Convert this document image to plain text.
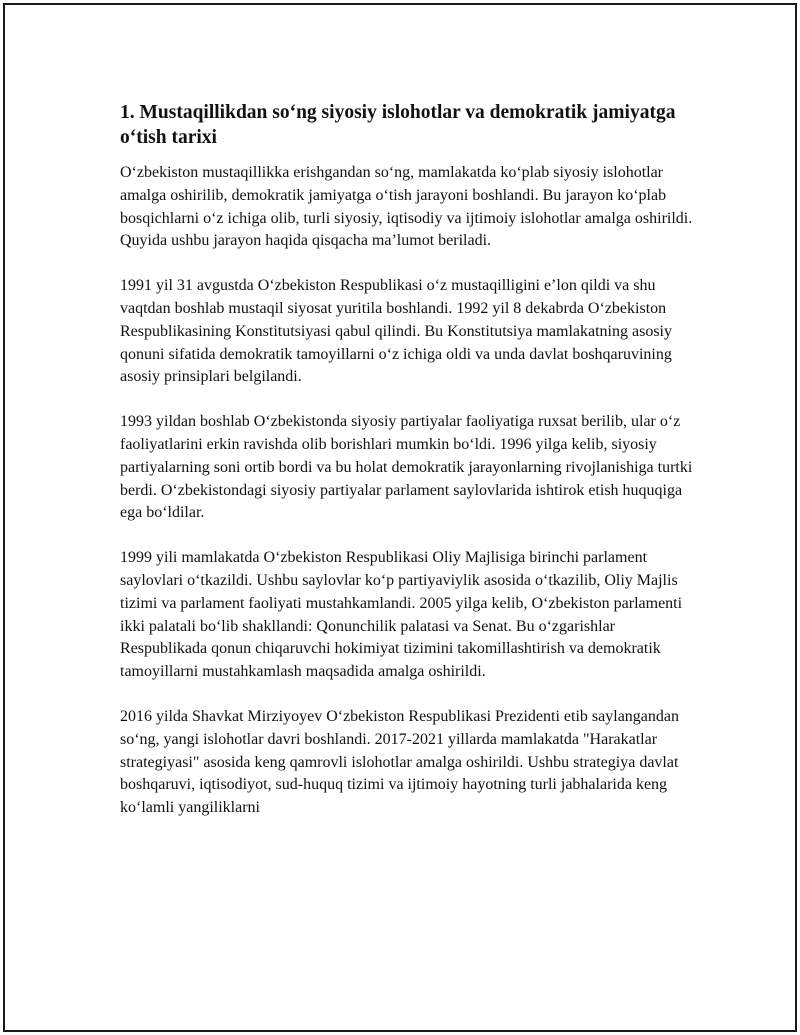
1. Mustaqillikdan so‘ng siyosiy islohotlar va demokratik jamiyatga o‘tish tarixi

O‘zbekiston mustaqillikka erishgandan so‘ng, mamlakatda ko‘plab siyosiy islohotlar amalga oshirilib, demokratik jamiyatga o‘tish jarayoni boshlandi. Bu jarayon ko‘plab bosqichlarni o‘z ichiga olib, turli siyosiy, iqtisodiy va ijtimoiy islohotlar amalga oshirildi. Quyida ushbu jarayon haqida qisqacha ma’lumot beriladi.

1991 yil 31 avgustda O‘zbekiston Respublikasi o‘z mustaqilligini e’lon qildi va shu vaqtdan boshlab mustaqil siyosat yuritila boshlandi. 1992 yil 8 dekabrda O‘zbekiston Respublikasining Konstitutsiyasi qabul qilindi. Bu Konstitutsiya mamlakatning asosiy qonuni sifatida demokratik tamoyillarni o‘z ichiga oldi va unda davlat boshqaruvining asosiy prinsiplari belgilandi.

1993 yildan boshlab O‘zbekistonda siyosiy partiyalar faoliyatiga ruxsat berilib, ular o‘z faoliyatlarini erkin ravishda olib borishlari mumkin bo‘ldi. 1996 yilga kelib, siyosiy partiyalarning soni ortib bordi va bu holat demokratik jarayonlarning rivojlanishiga turtki berdi. O‘zbekistondagi siyosiy partiyalar parlament saylovlarida ishtirok etish huquqiga ega bo‘ldilar.

1999 yili mamlakatda O‘zbekiston Respublikasi Oliy Majlisiga birinchi parlament saylovlari o‘tkazildi. Ushbu saylovlar ko‘p partiyaviylik asosida o‘tkazilib, Oliy Majlis tizimi va parlament faoliyati mustahkamlandi. 2005 yilga kelib, O‘zbekiston parlamenti ikki palatali bo‘lib shakllandi: Qonunchilik palatasi va Senat. Bu o‘zgarishlar Respublikada qonun chiqaruvchi hokimiyat tizimini takomillashtirish va demokratik tamoyillarni mustahkamlash maqsadida amalga oshirildi.

2016 yilda Shavkat Mirziyoyev O‘zbekiston Respublikasi Prezidenti etib saylangandan so‘ng, yangi islohotlar davri boshlandi. 2017-2021 yillarda mamlakatda "Harakatlar strategiyasi" asosida keng qamrovli islohotlar amalga oshirildi. Ushbu strategiya davlat boshqaruvi, iqtisodiyot, sud-huquq tizimi va ijtimoiy hayotning turli jabhalarida keng ko‘lamli yangiliklarni
